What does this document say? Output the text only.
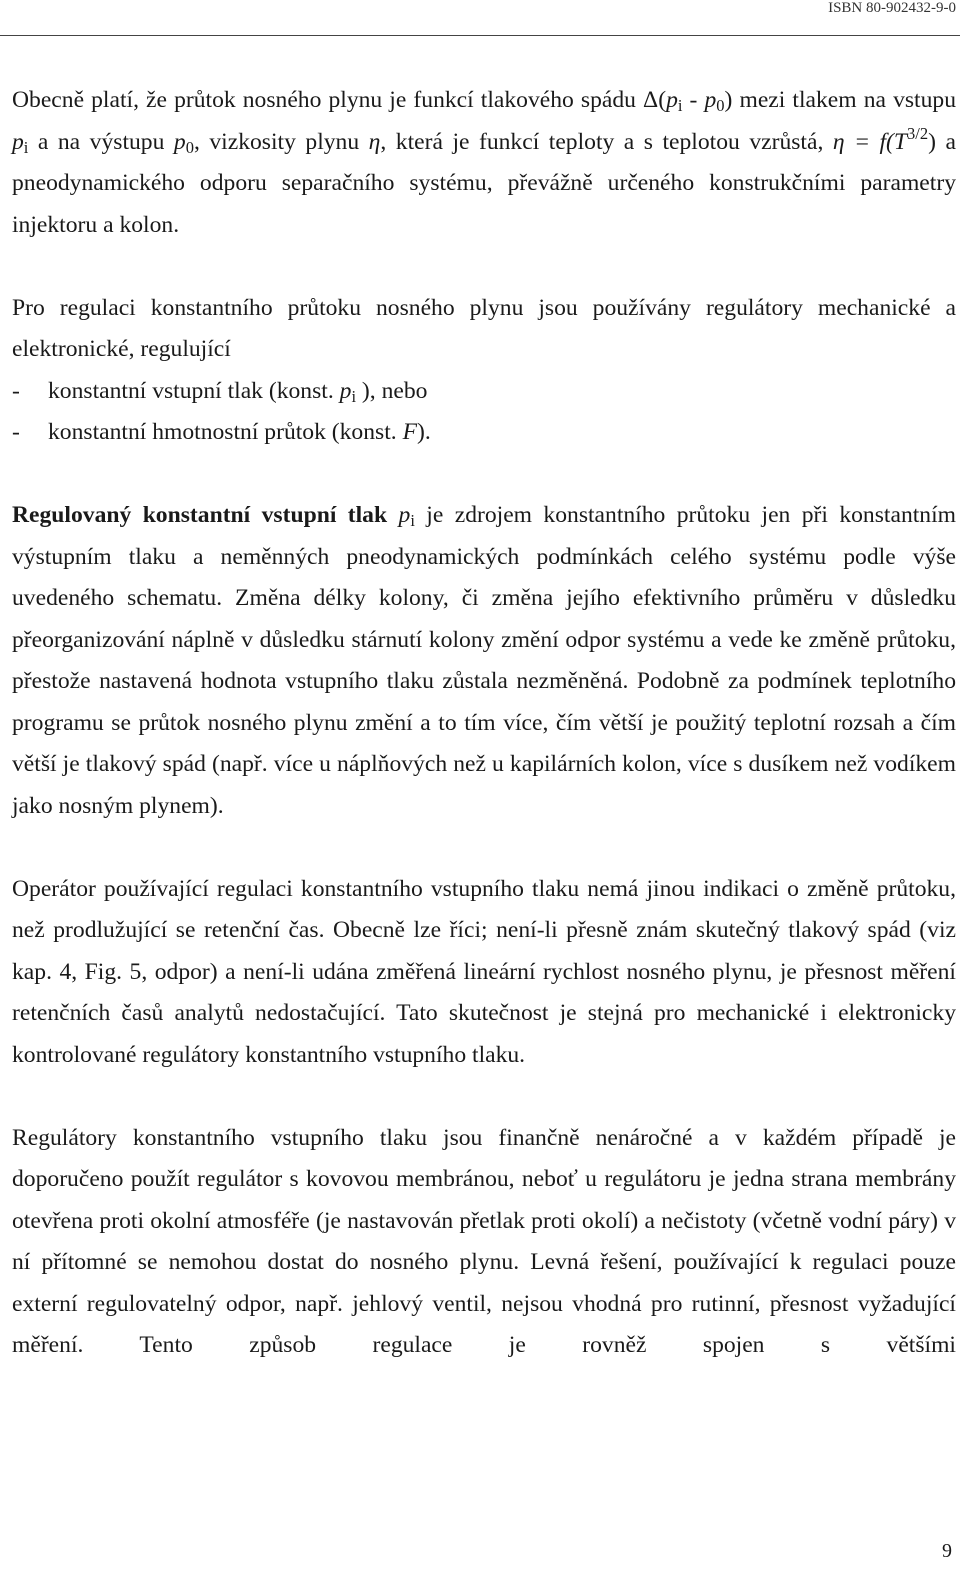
ISBN 80-902432-9-0

Obecně platí, že průtok nosného plynu je funkcí tlakového spádu $\Delta(p_i - p_0)$ mezi tlakem na vstupu $p_i$ a na výstupu $p_0$, vizkosity plynu η, která je funkcí teploty a s teplotou vzrůstá, $\eta = f(T^{3/2})$ a pneodynamického odporu separačního systému, převážně určeného konstrukčními parametry injektoru a kolon.

Pro regulaci konstantního průtoku nosného plynu jsou používány regulátory mechanické a elektronické, regulující
- konstantní vstupní tlak (konst. $p_i$ ), nebo
- konstantní hmotnostní průtok (konst. F).

Regulovaný konstantní vstupní tlak $p_i$ je zdrojem konstantního průtoku jen při konstantním výstupním tlaku a neměnných pneodynamických podmínkách celého systému podle výše uvedeného schematu. Změna délky kolony, či změna jejího efektivního průměru v důsledku přeorganizování náplně v důsledku stárnutí kolony změní odpor systému a vede ke změně průtoku, přestože nastavená hodnota vstupního tlaku zůstala nezměněná. Podobně za podmínek teplotního programu se průtok nosného plynu změní a to tím více, čím větší je použitý teplotní rozsah a čím větší je tlakový spád (např. více u náplňových než u kapilárních kolon, více s dusíkem než vodíkem jako nosným plynem).

Operátor používající regulaci konstantního vstupního tlaku nemá jinou indikaci o změně průtoku, než prodlužující se retenční čas. Obecně lze říci; není-li přesně znám skutečný tlakový spád (viz kap. 4, Fig. 5, odpor) a není-li udána změřená lineární rychlost nosného plynu, je přesnost měření retenčních časů analytů nedostačující. Tato skutečnost je stejná pro mechanické i elektronicky kontrolované regulátory konstantního vstupního tlaku.

Regulátory konstantního vstupního tlaku jsou finančně nenáročné a v každém případě je doporučeno použít regulátor s kovovou membránou, neboť u regulátoru je jedna strana membrány otevřena proti okolní atmosféře (je nastavován přetlak proti okolí) a nečistoty (včetně vodní páry) v ní přítomné se nemohou dostat do nosného plynu. Levná řešení, používající k regulaci pouze externí regulovatelný odpor, např. jehlový ventil, nejsou vhodná pro rutinní, přesnost vyžadující měření. Tento způsob regulace je rovněž spojen s většími

9
